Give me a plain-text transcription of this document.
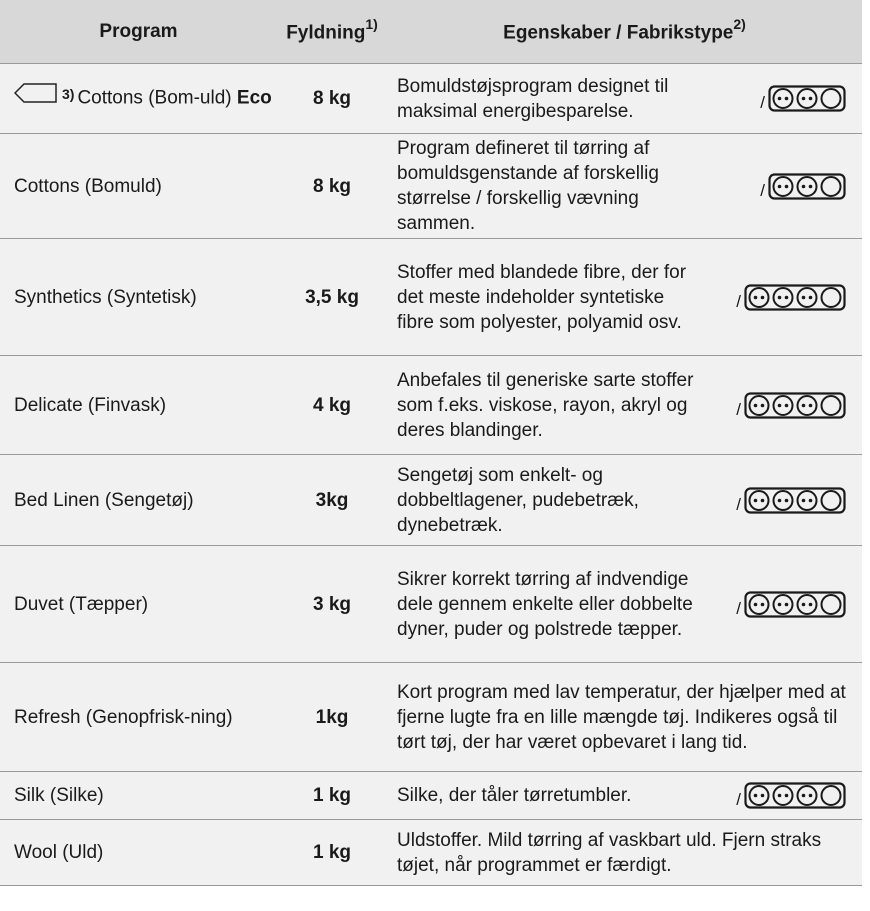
Program	Fyldning$^{1)}$	Egenskaber / Fabrikstype$^{2)}$
$^{3)}$ Cottons (Bom-uld) Eco	8 kg	Bomuldstøjsprogram designet til maksimal energibesparelse. /

Cottons (Bomuld)	8 kg	Program defineret til tørring af bomuldsgenstande af forskellig størrelse / forskellig vævning sammen.
/

Synthetics (Syntetisk)	3,5 kg	Stoffer med blandede fibre, der for det meste indeholder syntetiske fibre som polyester, polyamid osv.
/

Delicate (Finvask)	4 kg	Anbefales til generiske sarte stoffer som f.eks. viskose, rayon, akryl og deres blandinger.
/

Bed Linen (Sengetøj)	3kg	Sengetøj som enkelt- og dobbeltlagener, pudebetræk, dynebetræk.
/

Duvet (Tæpper)	3 kg	Sikrer korrekt tørring af indvendige dele gennem enkelte eller dobbelte dyner, puder og polstrede tæpper.
/

Refresh (Genopfrisk-ning)	1kg	Kort program med lav temperatur, der hjælper med at fjerne lugte fra en lille mængde tøj. Indikeres også til tørt tøj, der har været opbevaret i lang tid.

Silk (Silke)	1 kg	Silke, der tåler tørretumbler. /

Wool (Uld)	1 kg	Uldstoffer. Mild tørring af vaskbart uld. Fjern straks tøjet, når programmet er færdigt.
